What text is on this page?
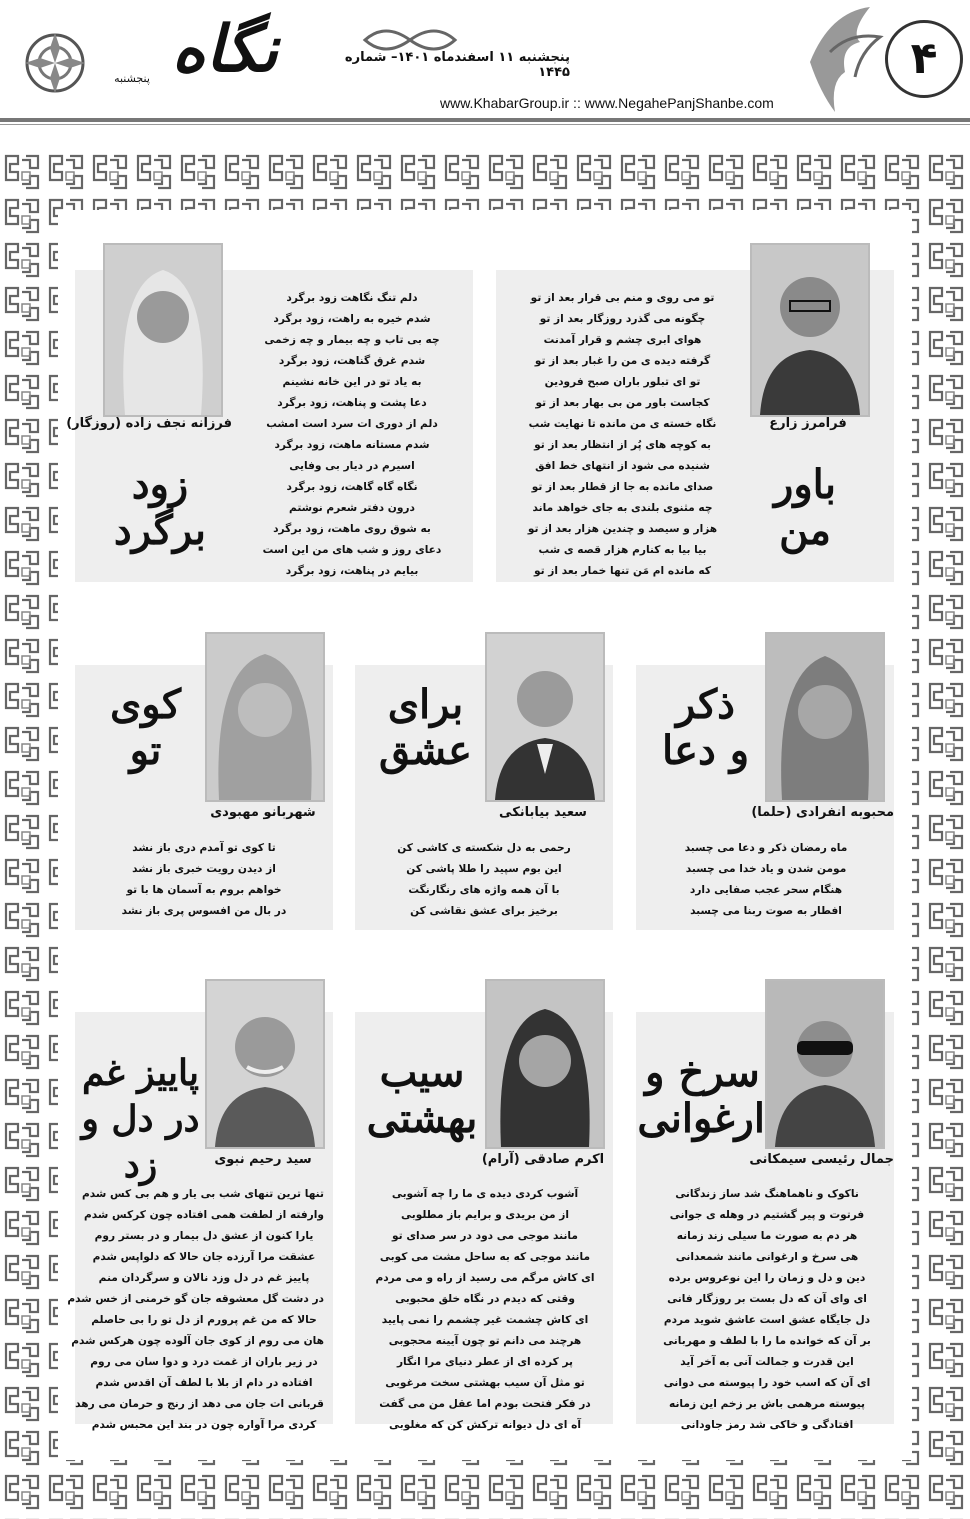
نگاه
پنجشنبه
پنجشنبه ۱۱ اسفندماه ۱۴۰۱– شماره ۱۴۴۵
www.KhabarGroup.ir :: www.NegahePanjShanbe.com
۴
فرامرز زارع
باور
من
تو می روی و منم بی قرار بعد از تو
چگونه می گذرد روزگار بعد از تو
هوای ابری چشم و قرار آمدنت
گرفته دیده ی من را غبار بعد از تو
تو ای تبلور باران صبح فرودین
کجاست باور من بی بهار بعد از تو
نگاه خسته ی من مانده تا نهایت شب
به کوچه های پُر از انتظار بعد از تو
شنیده می شود از انتهای خط افق
صدای مانده به جا از قطار بعد از تو
چه مثنوی بلندی به جای خواهد ماند
هزار و سیصد و چندین هزار بعد از تو
بیا بیا به کنارم هزار قصه ی شب
که مانده ام مَن تنها خمار بعد از تو
فرزانه نجف زاده (روزگار)
زود
برگرد
دلم تنگ نگاهت زود برگرد
شدم خیره به راهت، زود برگرد
چه بی تاب و چه بیمار و چه زخمی
شدم غرق گناهت، زود برگرد
به یاد تو در این خانه نشینم
دعا پشت و پناهت، زود برگرد
دلم از دوری ات سرد است امشب
شدم مستانه ماهت، زود برگرد
اسیرم در دیار بی وفایی
نگاه گاه گاهت، زود برگرد
درون دفتر شعرم نوشتم
به شوق روی ماهت، زود برگرد
دعای روز و شب های من این است
بیایم در پناهت، زود برگرد
محبوبه انفرادی (حلما)
ذکر
و دعا
ماه رمضان ذکر و دعا می چسبد
مومن شدن و یاد خدا می چسبد
هنگام سحر عجب صفایی دارد
افطار به صوت ربنا می چسبد
سعید بیابانکی
برای
عشق
رحمی به دل شکسته ی کاشی کن
این بوم سپید را طلا پاشی کن
با آن همه واژه های رنگارنگت
برخیز برای عشق نقاشی کن
شهربانو مهبودی
کوی
تو
تا کوی تو آمدم دری باز نشد
از دیدن رویت خبری باز نشد
خواهم بروم به آسمان ها با تو
در بال من افسوس پری باز نشد
جمال رئیسی سیمکانی
سرخ و
ارغوانی
ناکوک و ناهماهنگ شد ساز زندگانی
فرتوت و پیر گشتیم در وهله ی جوانی
هر دم به صورت ما سیلی زند زمانه
هی سرخ و ارغوانی مانند شمعدانی
دین و دل و زمان را این نوعروس برده
ای وای آن که دل بست بر روزگار فانی
دل جایگاه عشق است عاشق شوید مردم
بر آن که خوانده ما را با لطف و مهربانی
این قدرت و جمالت آنی به آخر آید
ای آن که اسب خود را پیوسته می دوانی
پیوسته مرهمی باش بر زخم این زمانه
افتادگی و خاکی شد رمز جاودانی
اکرم صادقی (آرام)
سیب
بهشتی
آشوب کردی دیده ی ما را چه آشوبی
از من بریدی و برایم باز مطلوبی
مانند موجی می دود در سر صدای تو
مانند موجی که به ساحل مشت می کوبی
ای کاش مرگم می رسید از راه و می مردم
وقتی که دیدم در نگاه خلق محبوبی
ای کاش چشمت غیر چشمم را نمی پایید
هرچند می دانم تو چون آیینه محجوبی
پر کرده ای از عطر دنیای مرا انگار
تو مثل آن سیب بهشتی سخت مرغوبی
در فکر فتحت بودم اما عقل من می گفت
آه ای دل دیوانه ترکش کن که مغلوبی
سید رحیم نبوی
پاییز غم
در دل و زد
تنها ترین تنهای شب بی یار و هم بی کس شدم
وارفته از لطفت همی افتاده چون کرکس شدم
یارا کنون از عشق دل بیمار و در بستر روم
عشقت مرا آرزده جان حالا که دلواپس شدم
پاییز غم در دل وزد نالان و سرگردان منم
در دشت گل معشوقه جان گو خرمنی از خس شدم
حالا که من غم پرورم از دل تو را بی حاصلم
هان می روم از کوی جان آلوده چون هرکس شدم
در زیر باران از غمت درد و دوا سان می روم
افتاده در دام از بلا با لطف آن اقدس شدم
قربانی ات جان می دهد از رنج و حرمان می رهد
کردی مرا آواره چون در بند این محبس شدم
